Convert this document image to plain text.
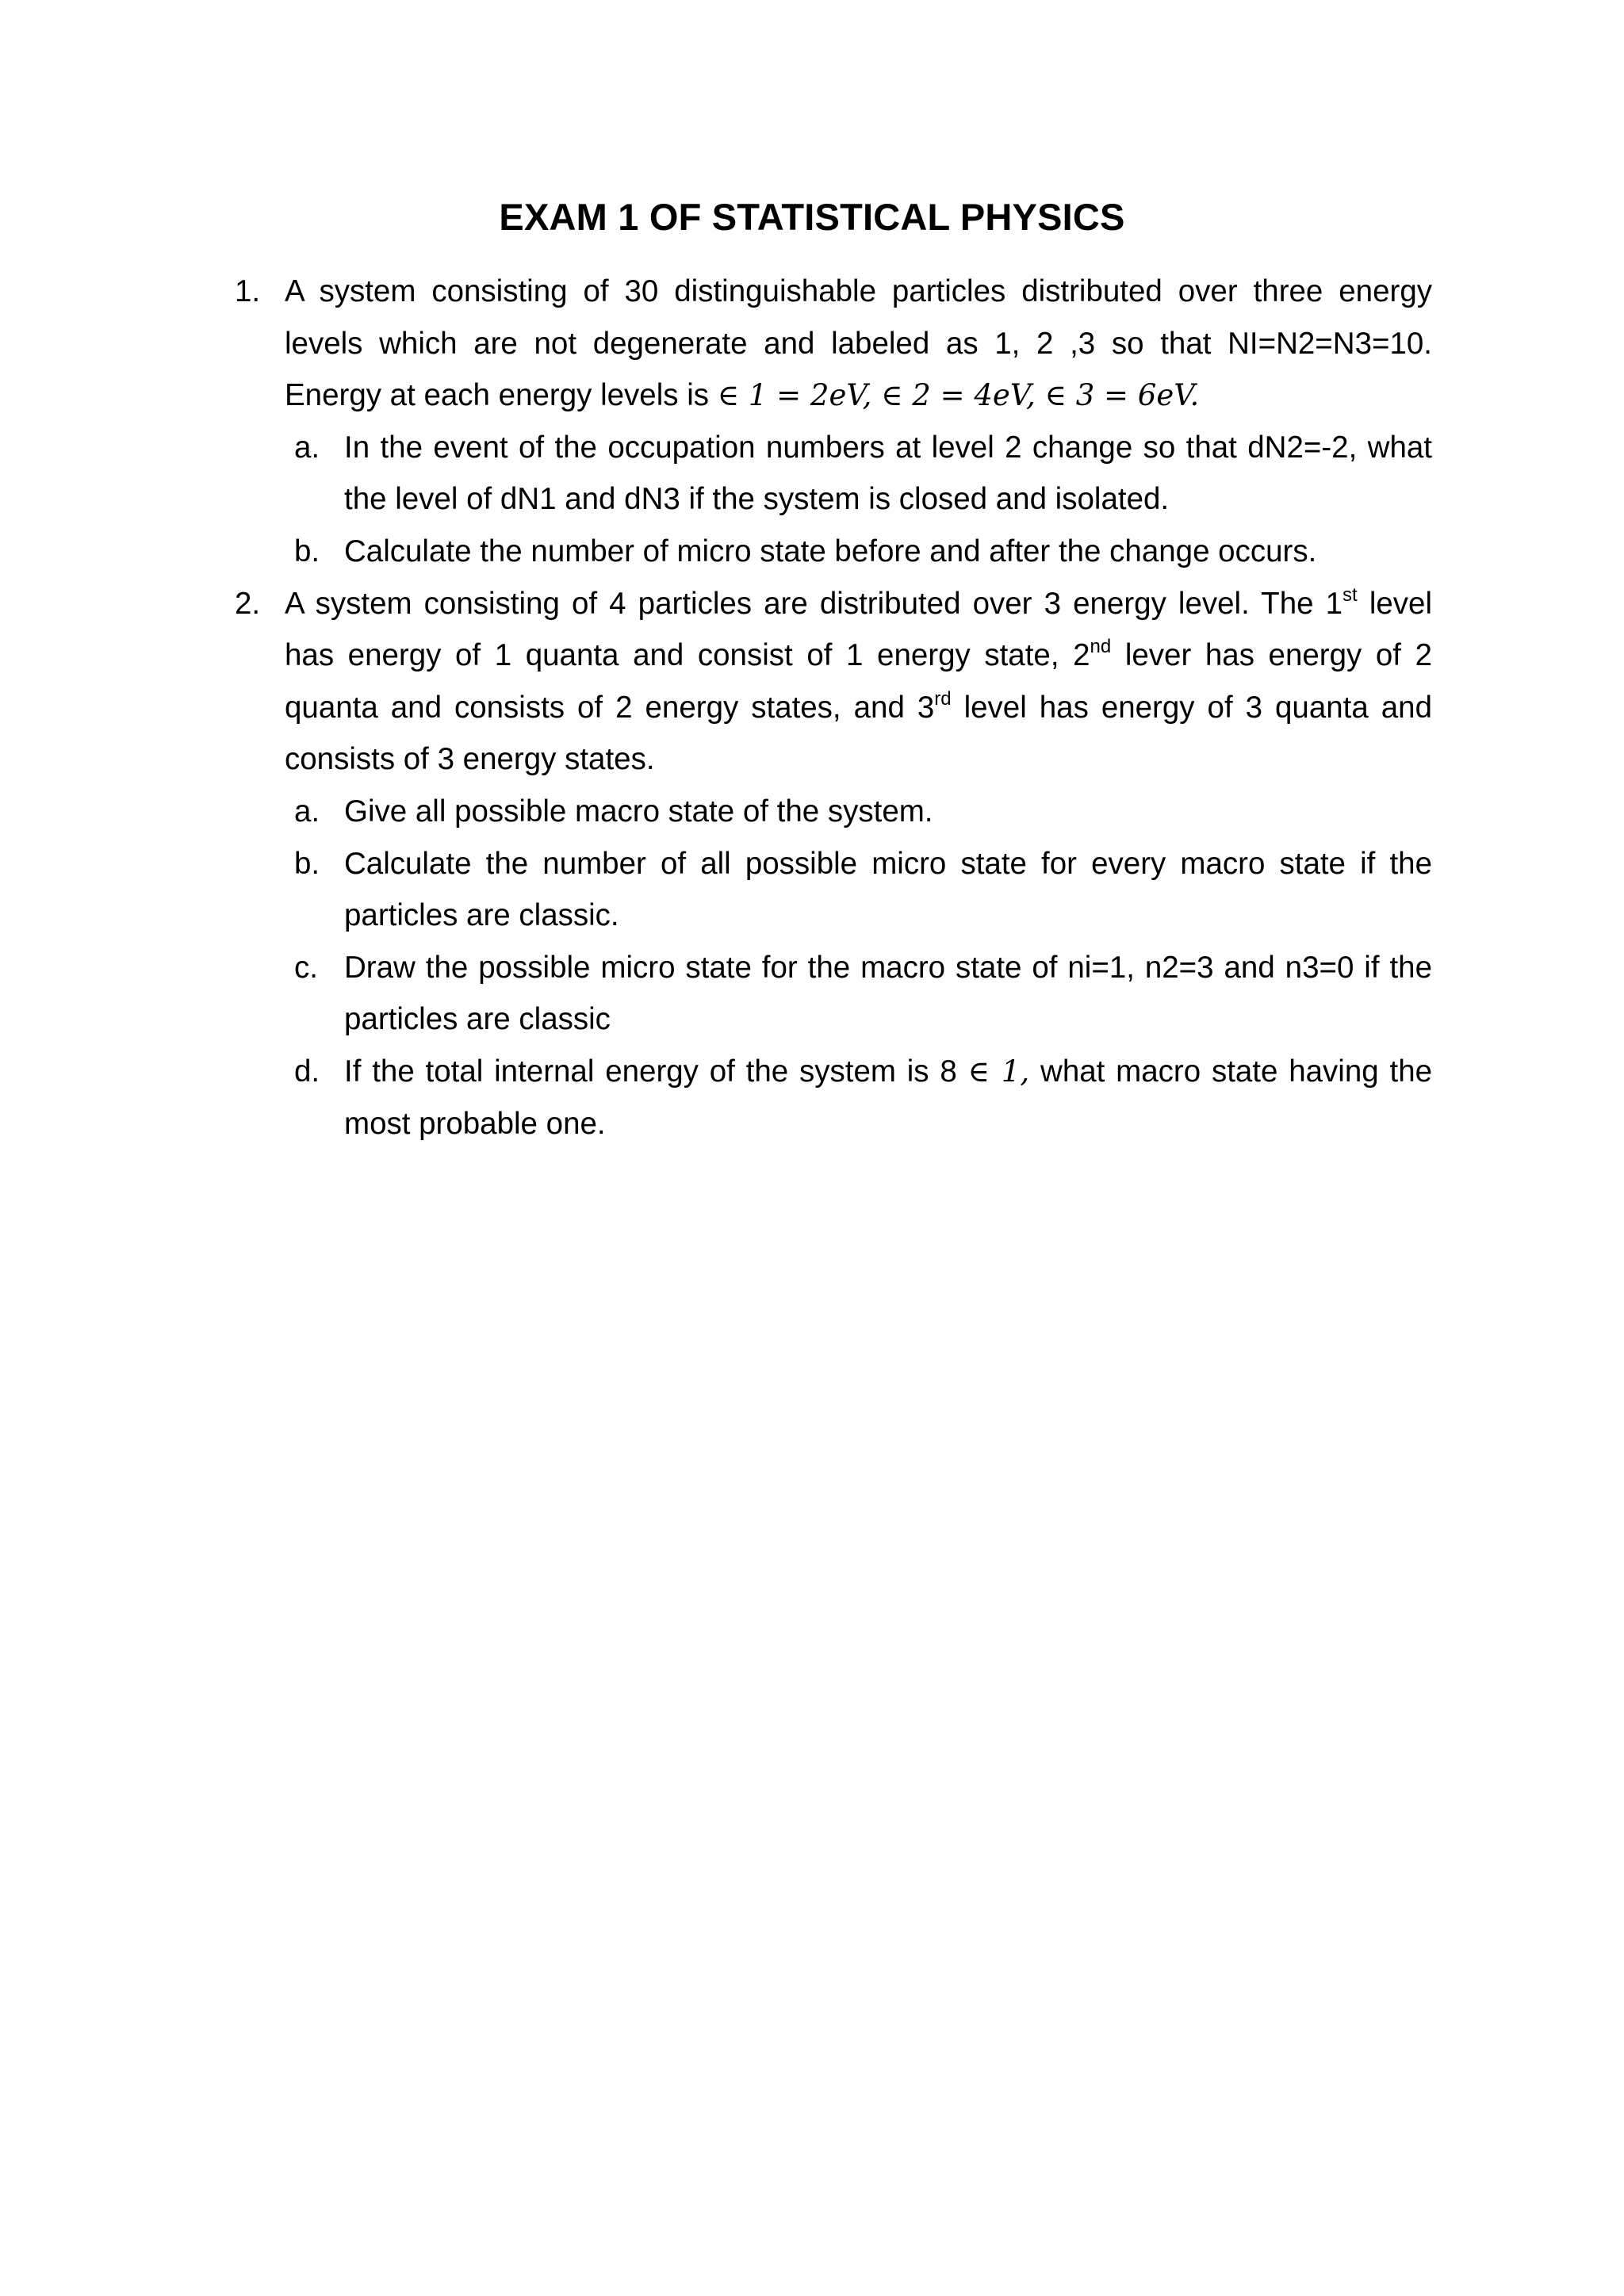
EXAM 1 OF STATISTICAL PHYSICS
1. A system consisting of 30 distinguishable particles distributed over three energy levels which are not degenerate and labeled as 1, 2 ,3 so that NI=N2=N3=10. Energy at each energy levels is ∈ 1 = 2eV, ∈ 2 = 4eV, ∈ 3 = 6eV.
a. In the event of the occupation numbers at level 2 change so that dN2=-2, what the level of dN1 and dN3 if the system is closed and isolated.
b. Calculate the number of micro state before and after the change occurs.
2. A system consisting of 4 particles are distributed over 3 energy level. The 1st level has energy of 1 quanta and consist of 1 energy state, 2nd lever has energy of 2 quanta and consists of 2 energy states, and 3rd level has energy of 3 quanta and consists of 3 energy states.
a. Give all possible macro state of the system.
b. Calculate the number of all possible micro state for every macro state if the particles are classic.
c. Draw the possible micro state for the macro state of ni=1, n2=3 and n3=0 if the particles are classic
d. If the total internal energy of the system is 8 ∈ 1, what macro state having the most probable one.
